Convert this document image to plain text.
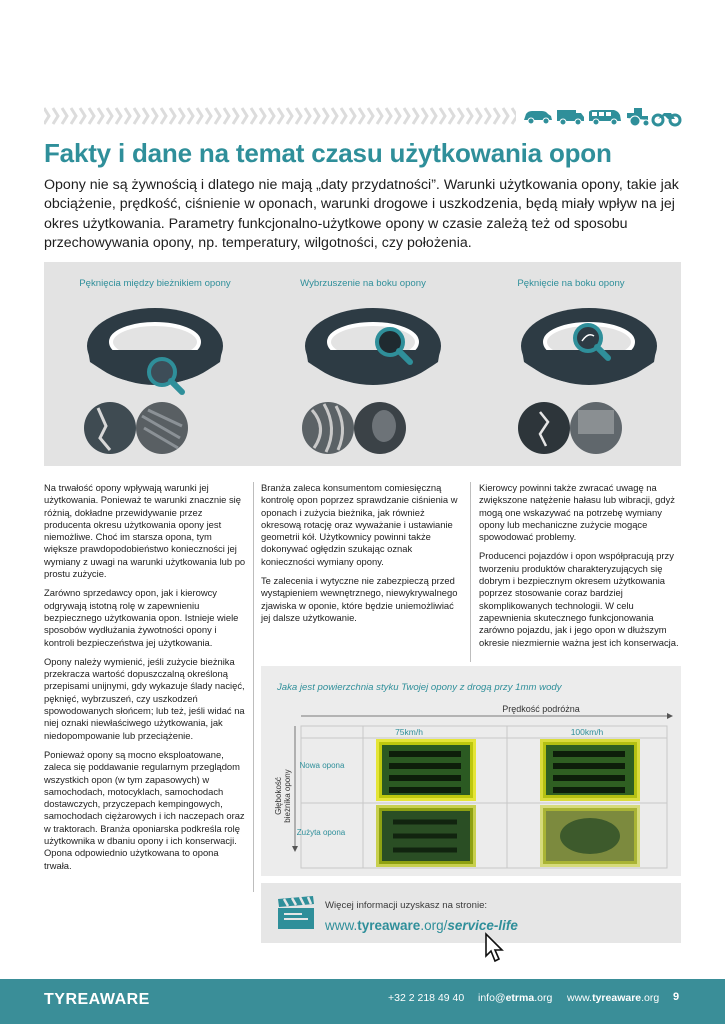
Fakty i dane na temat czasu użytkowania opon
Opony nie są żywnością i dlatego nie mają „daty przydatności”. Warunki użytkowania opony, takie jak obciążenie, prędkość, ciśnienie w oponach, warunki drogowe i uszkodzenia, będą miały wpływ na jej okres użytkowania. Parametry funkcjonalno-użytkowe opony w czasie zależą też od sposobu przechowywania opony, np. temperatury, wilgotności, czy położenia.
Pęknięcia między bieżnikiem opony	Wybrzuszenie na boku opony	Pęknięcie na boku opony

Na trwałość opony wpływają warunki jej użytkowania. Ponieważ te warunki znacznie się różnią, dokładne przewidywanie przez producenta okresu użytkowania opony jest niemożliwe. Choć im starsza opona, tym większe prawdopodobieństwo konieczności jej wymiany z uwagi na warunki użytkowania lub po prostu zużycie.

Zarówno sprzedawcy opon, jak i kierowcy odgrywają istotną rolę w zapewnieniu bezpiecznego użytkowania opon. Istnieje wiele sposobów wydłużania żywotności opony i kontroli bezpieczeństwa jej użytkowania.

Opony należy wymienić, jeśli zużycie bieżnika przekracza wartość dopuszczalną określoną przepisami unijnymi, gdy wykazuje ślady nacięć, pęknięć, wybrzuszeń, czy uszkodzeń spowodowanych słońcem; lub też, jeśli widać na niej oznaki niewłaściwego użytkowania, jak niedopompowanie lub przeciążenie.

Ponieważ opony są mocno eksploatowane, zaleca się poddawanie regularnym przeglądom wszystkich opon (w tym zapasowych) w samochodach, motocyklach, samochodach dostawczych, przyczepach kempingowych, samochodach ciężarowych i ich naczepach oraz w traktorach. Branża oponiarska podkreśla rolę użytkownika w dbaniu opony i ich konserwacji. Opona odpowiednio użytkowana to opona trwała.

Branża zaleca konsumentom comiesięczną kontrolę opon poprzez sprawdzanie ciśnienia w oponach i zużycia bieżnika, jak również okresową rotację oraz wyważanie i ustawianie geometrii kół. Użytkownicy powinni także dokonywać ogłędzin szukając oznak konieczności wymiany opony.

Te zalecenia i wytyczne nie zabezpieczą przed wystąpieniem wewnętrznego, niewykrywalnego zjawiska w oponie, które będzie uniemożliwiać jej dalsze użytkowanie.

Kierowcy powinni także zwracać uwagę na zwiększone natężenie hałasu lub wibracji, gdyż mogą one wskazywać na potrzebę wymiany opony lub mechaniczne zużycie mogące spowodować problemy.

Producenci pojazdów i opon współpracują przy tworzeniu produktów charakteryzujących się dobrym i bezpiecznym okresem użytkowania poprzez stosowanie coraz bardziej skomplikowanych technologii. W celu zapewnienia skutecznego funkcjonowania zarówno pojazdu, jak i jego opon w dłuższym okresie niezmiernie ważna jest ich konserwacja.

Jaka jest powierzchnia styku Twojej opony z drogą przy 1mm wody
Prędkość podróżna
75km/h	100km/h
Nowa opona
Zużyta opona
Głębokość bieżnika opony
Więcej informacji uzyskasz na stronie:
www.tyreaware.org/service-life
TYREAWARE	+32 2 218 49 40 info@etrma.org www.tyreaware.org 9
